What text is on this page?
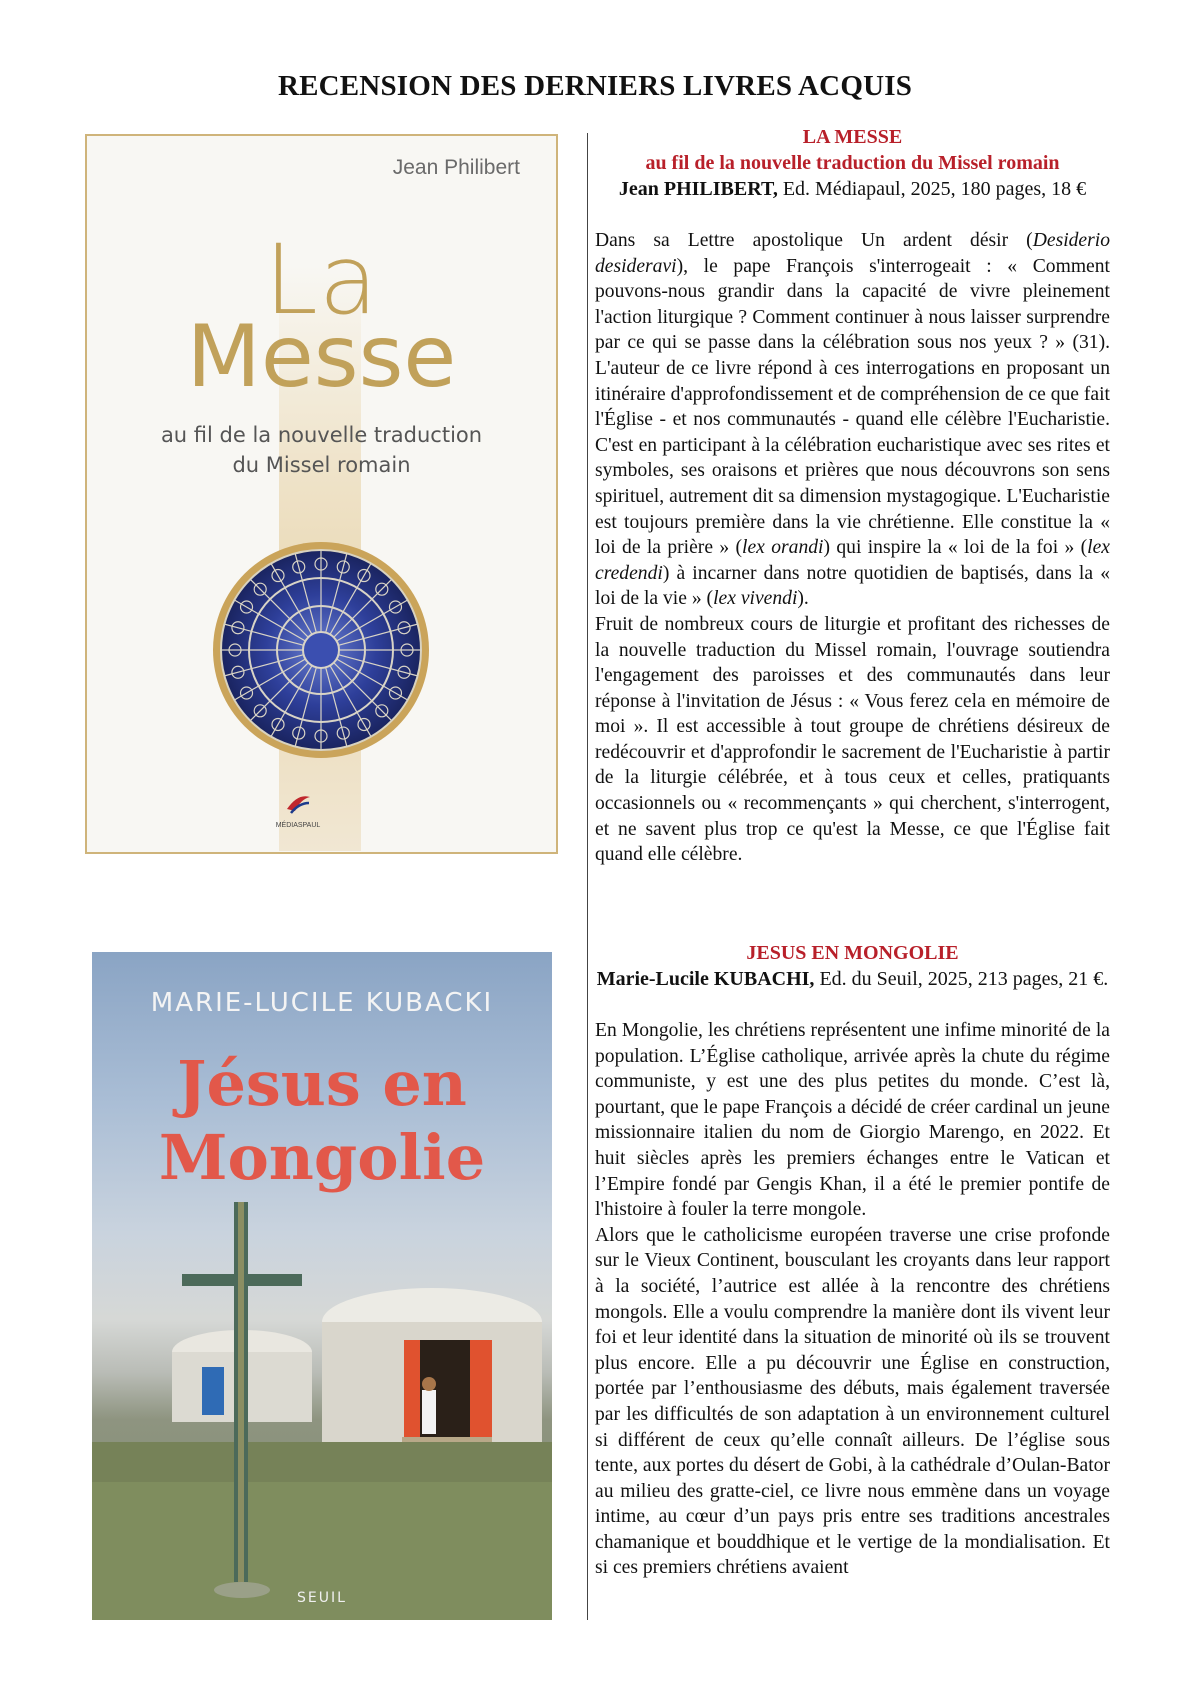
RECENSION DES DERNIERS LIVRES ACQUIS
Jean Philibert
La
Messe
au fil de la nouvelle traduction
du Missel romain
MÉDIASPAUL
MARIE-LUCILE KUBACKI
Jésus en
Mongolie
SEUIL
LA MESSE
au fil de la nouvelle traduction du Missel romain
Jean PHILIBERT, Ed. Médiapaul, 2025, 180 pages, 18 €

Dans sa Lettre apostolique Un ardent désir (Desiderio desideravi), le pape François s'interrogeait : « Comment pouvons-nous grandir dans la capacité de vivre pleinement l'action liturgique ? Comment continuer à nous laisser surprendre par ce qui se passe dans la célébration sous nos yeux ? » (31). L'auteur de ce livre répond à ces interrogations en proposant un itinéraire d'approfondissement et de compréhension de ce que fait l'Église - et nos communautés - quand elle célèbre l'Eucharistie. C'est en participant à la célébration eucharistique avec ses rites et symboles, ses oraisons et prières que nous découvrons son sens spirituel, autrement dit sa dimension mystagogique. L'Eucharistie est toujours première dans la vie chrétienne. Elle constitue la « loi de la prière » (lex orandi) qui inspire la « loi de la foi » (lex credendi) à incarner dans notre quotidien de baptisés, dans la « loi de la vie » (lex vivendi).

Fruit de nombreux cours de liturgie et profitant des richesses de la nouvelle traduction du Missel romain, l'ouvrage soutiendra l'engagement des paroisses et des communautés dans leur réponse à l'invitation de Jésus : « Vous ferez cela en mémoire de moi ». Il est accessible à tout groupe de chrétiens désireux de redécouvrir et d'approfondir le sacrement de l'Eucharistie à partir de la liturgie célébrée, et à tous ceux et celles, pratiquants occasionnels ou « recommençants » qui cherchent, s'interrogent, et ne savent plus trop ce qu'est la Messe, ce que l'Église fait quand elle célèbre.

JESUS EN MONGOLIE
Marie-Lucile KUBACHI, Ed. du Seuil, 2025, 213 pages, 21 €.

En Mongolie, les chrétiens représentent une infime minorité de la population. L’Église catholique, arrivée après la chute du régime communiste, y est une des plus petites du monde. C’est là, pourtant, que le pape François a décidé de créer cardinal un jeune missionnaire italien du nom de Giorgio Marengo, en 2022. Et huit siècles après les premiers échanges entre le Vatican et l’Empire fondé par Gengis Khan, il a été le premier pontife de l'histoire à fouler la terre mongole.

Alors que le catholicisme européen traverse une crise profonde sur le Vieux Continent, bousculant les croyants dans leur rapport à la société, l’autrice est allée à la rencontre des chrétiens mongols. Elle a voulu comprendre la manière dont ils vivent leur foi et leur identité dans la situation de minorité où ils se trouvent plus encore. Elle a pu découvrir une Église en construction, portée par l’enthousiasme des débuts, mais également traversée par les difficultés de son adaptation à un environnement culturel si différent de ceux qu’elle connaît ailleurs. De l’église sous tente, aux portes du désert de Gobi, à la cathédrale d’Oulan-Bator au milieu des gratte-ciel, ce livre nous emmène dans un voyage intime, au cœur d’un pays pris entre ses traditions ancestrales chamanique et bouddhique et le vertige de la mondialisation. Et si ces premiers chrétiens avaient
